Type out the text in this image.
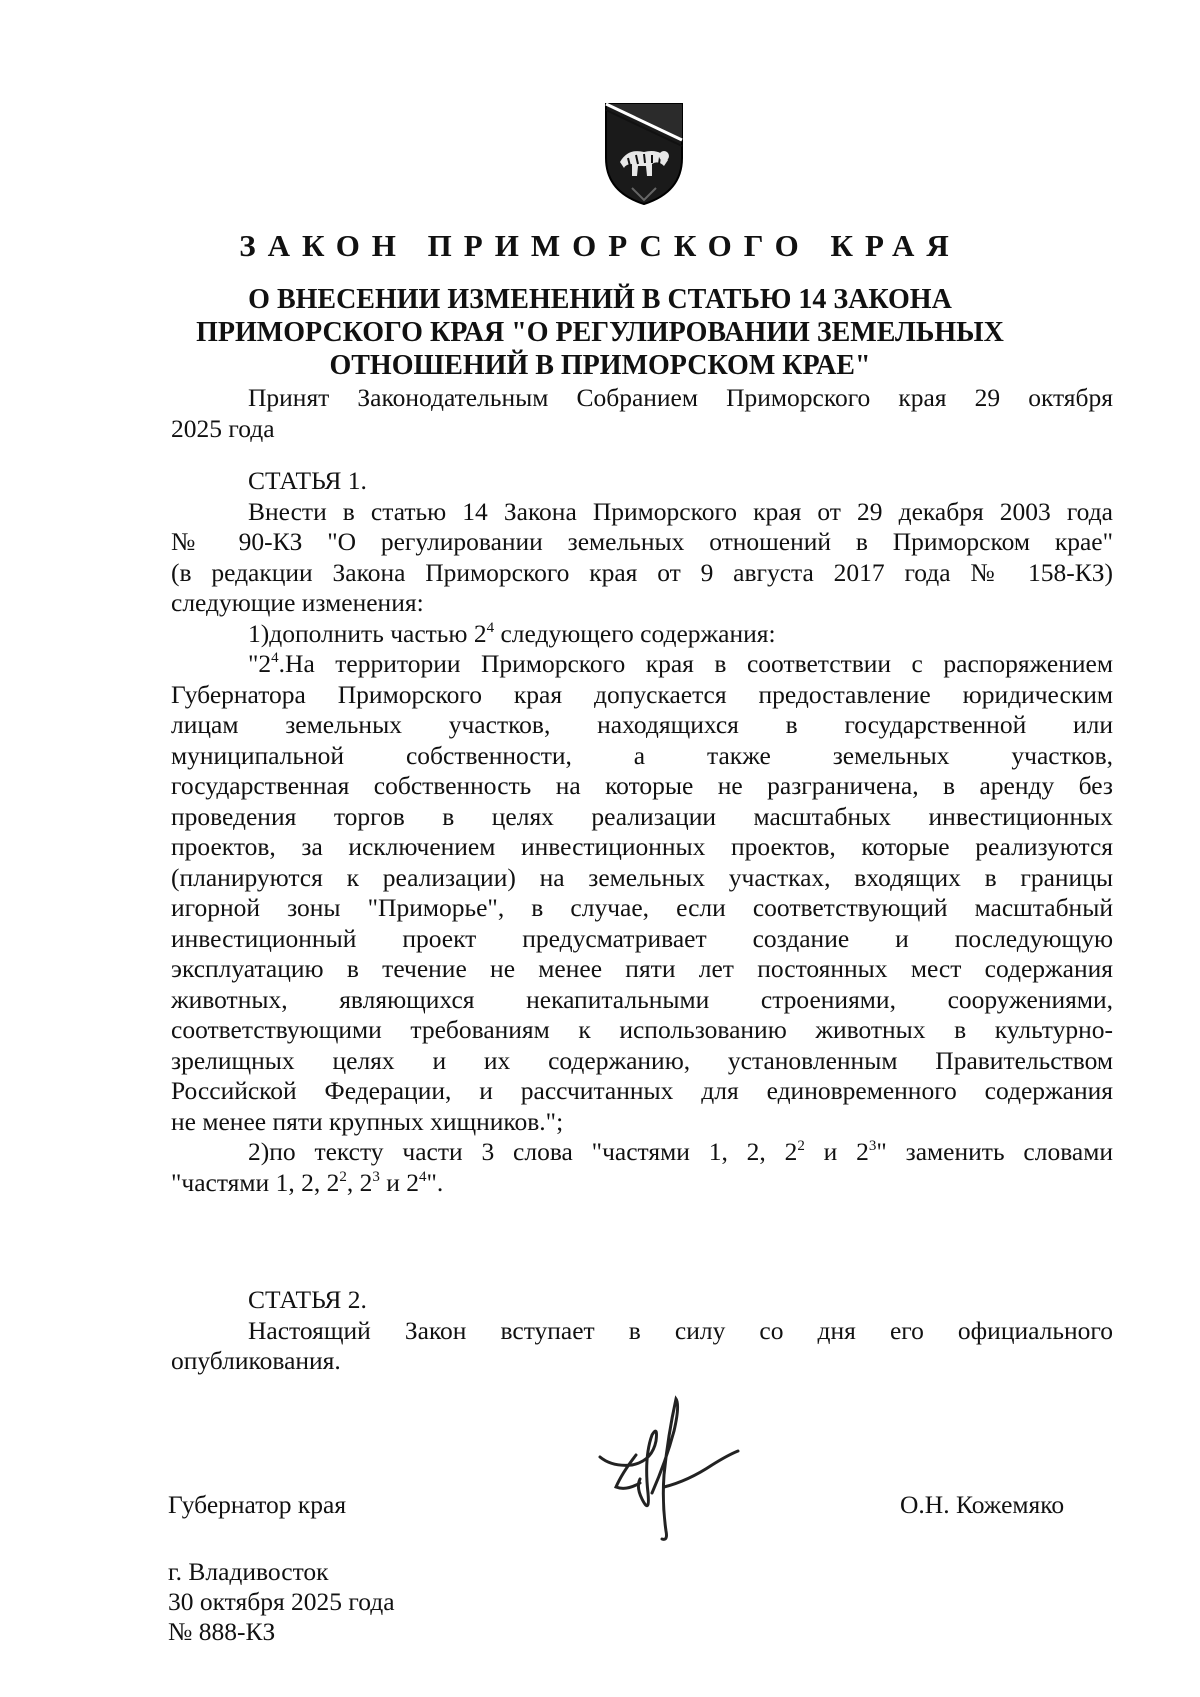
ЗАКОН ПРИМОРСКОГО КРАЯ
О ВНЕСЕНИИ ИЗМЕНЕНИЙ В СТАТЬЮ 14 ЗАКОНА
ПРИМОРСКОГО КРАЯ "О РЕГУЛИРОВАНИИ ЗЕМЕЛЬНЫХ
ОТНОШЕНИЙ В ПРИМОРСКОМ КРАЕ"

Принят Законодательным Собранием Приморского края 29 октября

2025 года

СТАТЬЯ 1.

Внести в статью 14 Закона Приморского края от 29 декабря 2003 года

№ 90-КЗ "О регулировании земельных отношений в Приморском крае"

(в редакции Закона Приморского края от 9 августа 2017 года № 158-КЗ)

следующие изменения:

1)дополнить частью $2^4$ следующего содержания:

"$2^4.На$ территории Приморского края в соответствии с распоряжением

Губернатора Приморского края допускается предоставление юридическим

лицам земельных участков, находящихся в государственной или

муниципальной собственности, а также земельных участков,

государственная собственность на которые не разграничена, в аренду без

проведения торгов в целях реализации масштабных инвестиционных

проектов, за исключением инвестиционных проектов, которые реализуются

(планируются к реализации) на земельных участках, входящих в границы

игорной зоны "Приморье", в случае, если соответствующий масштабный

инвестиционный проект предусматривает создание и последующую

эксплуатацию в течение не менее пяти лет постоянных мест содержания

животных, являющихся некапитальными строениями, сооружениями,

соответствующими требованиям к использованию животных в культурно-

зрелищных целях и их содержанию, установленным Правительством

Российской Федерации, и рассчитанных для единовременного содержания

не менее пяти крупных хищников.";

2)по тексту части 3 слова "частями 1, 2, $2^2$ и $2^3$" заменить словами

"частями 1, 2, $2^2$, $2^3$ и $2^4$".

СТАТЬЯ 2.

Настоящий Закон вступает в силу со дня его официального

опубликования.

Губернатор края	О.Н. Кожемяко
г. Владивосток
30 октября 2025 года
№ 888-КЗ
